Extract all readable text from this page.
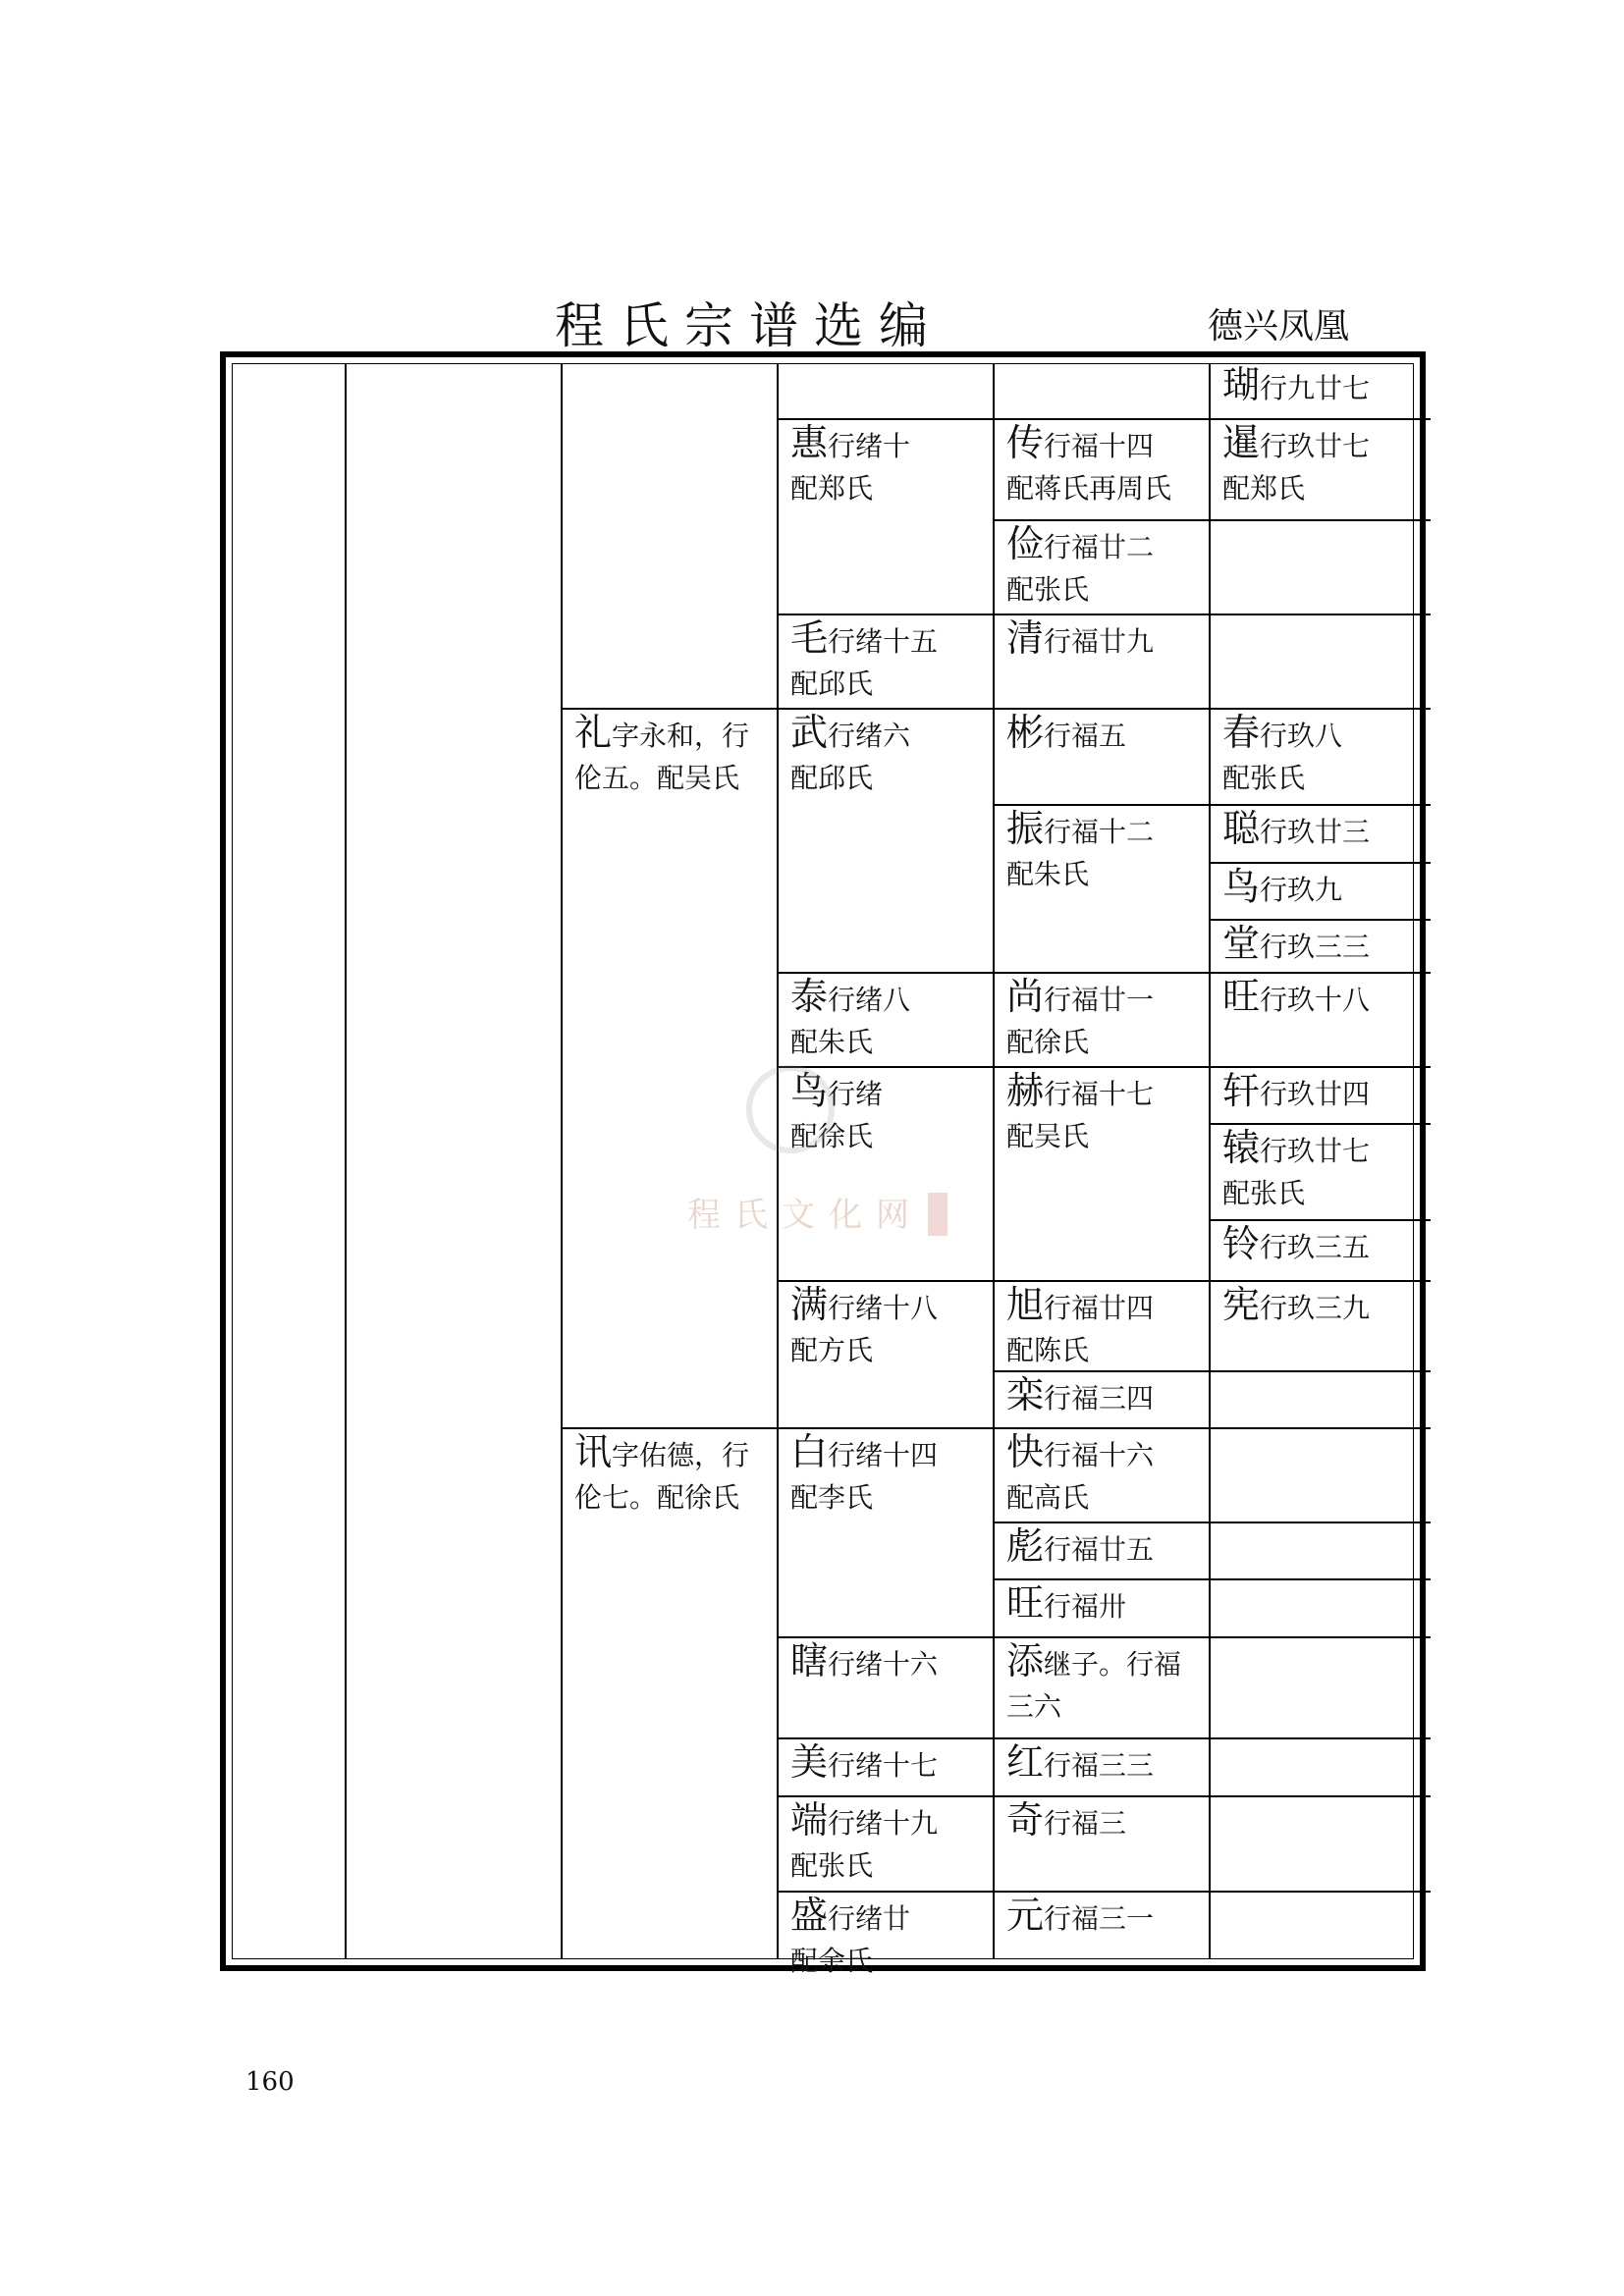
程氏宗谱选编	德兴凤凰
礼字永和，行
伦五。配吴氏
讯字佑德，行
伦七。配徐氏
惠行绪十
配郑氏
毛行绪十五
配邱氏
武行绪六
配邱氏
泰行绪八
配朱氏
鸟行绪
配徐氏
满行绪十八
配方氏
白行绪十四
配李氏
瞎行绪十六
美行绪十七
端行绪十九
配张氏
盛行绪廿
配余氏
传行福十四
配蒋氏再周氏
俭行福廿二
配张氏
清行福廿九
彬行福五
振行福十二
配朱氏
尚行福廿一
配徐氏
赫行福十七
配吴氏
旭行福廿四
配陈氏
栾行福三四
快行福十六
配高氏
彪行福廿五
旺行福卅
添继子。行福
三六
红行福三三
奇行福三
元行福三一
瑚行九廿七
暹行玖廿七
配郑氏
春行玖八
配张氏
聪行玖廿三
鸟行玖九
堂行玖三三
旺行玖十八
轩行玖廿四
辕行玖廿七
配张氏
铃行玖三五
宪行玖三九
程氏文化网
160
